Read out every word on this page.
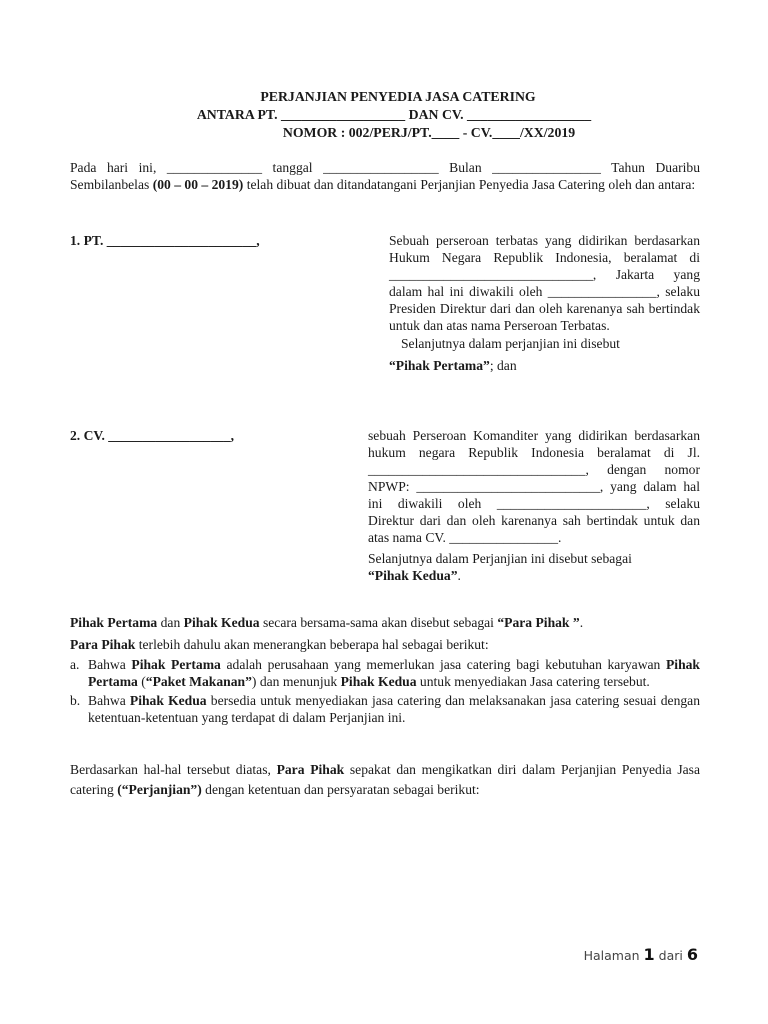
PERJANJIAN PENYEDIA JASA CATERING
ANTARA PT. __________________ DAN CV. __________________
NOMOR : 002/PERJ/PT.____ - CV.____/XX/2019
Pada hari ini, ______________ tanggal _________________ Bulan ________________ Tahun Duaribu Sembilanbelas (00 – 00 – 2019) telah dibuat dan ditandatangani Perjanjian Penyedia Jasa Catering oleh dan antara:
1. PT. ______________________,	Sebuah perseroan terbatas yang didirikan berdasarkan Hukum Negara Republik Indonesia, beralamat di ______________________________, Jakarta yang dalam hal ini diwakili oleh ________________, selaku Presiden Direktur dari dan oleh karenanya sah bertindak untuk dan atas nama Perseroan Terbatas.

Selanjutnya dalam perjanjian ini disebut

“Pihak Pertama”; dan

2. CV. __________________,	sebuah Perseroan Komanditer yang didirikan berdasarkan hukum negara Republik Indonesia beralamat di Jl. ________________________________, dengan nomor NPWP: ___________________________, yang dalam hal ini diwakili oleh ______________________, selaku Direktur dari dan oleh karenanya sah bertindak untuk dan atas nama CV. ________________.

Selanjutnya dalam Perjanjian ini disebut sebagai

“Pihak Kedua”.

Pihak Pertama dan Pihak Kedua secara bersama-sama akan disebut sebagai “Para Pihak ”.

Para Pihak terlebih dahulu akan menerangkan beberapa hal sebagai berikut:

a. Bahwa Pihak Pertama adalah perusahaan yang memerlukan jasa catering bagi kebutuhan karyawan Pihak Pertama (“Paket Makanan”) dan menunjuk Pihak Kedua untuk menyediakan Jasa catering tersebut.
b. Bahwa Pihak Kedua bersedia untuk menyediakan jasa catering dan melaksanakan jasa catering sesuai dengan ketentuan-ketentuan yang terdapat di dalam Perjanjian ini.
Berdasarkan hal-hal tersebut diatas, Para Pihak sepakat dan mengikatkan diri dalam Perjanjian Penyedia Jasa catering (“Perjanjian”) dengan ketentuan dan persyaratan sebagai berikut:
Halaman 1 dari 6
